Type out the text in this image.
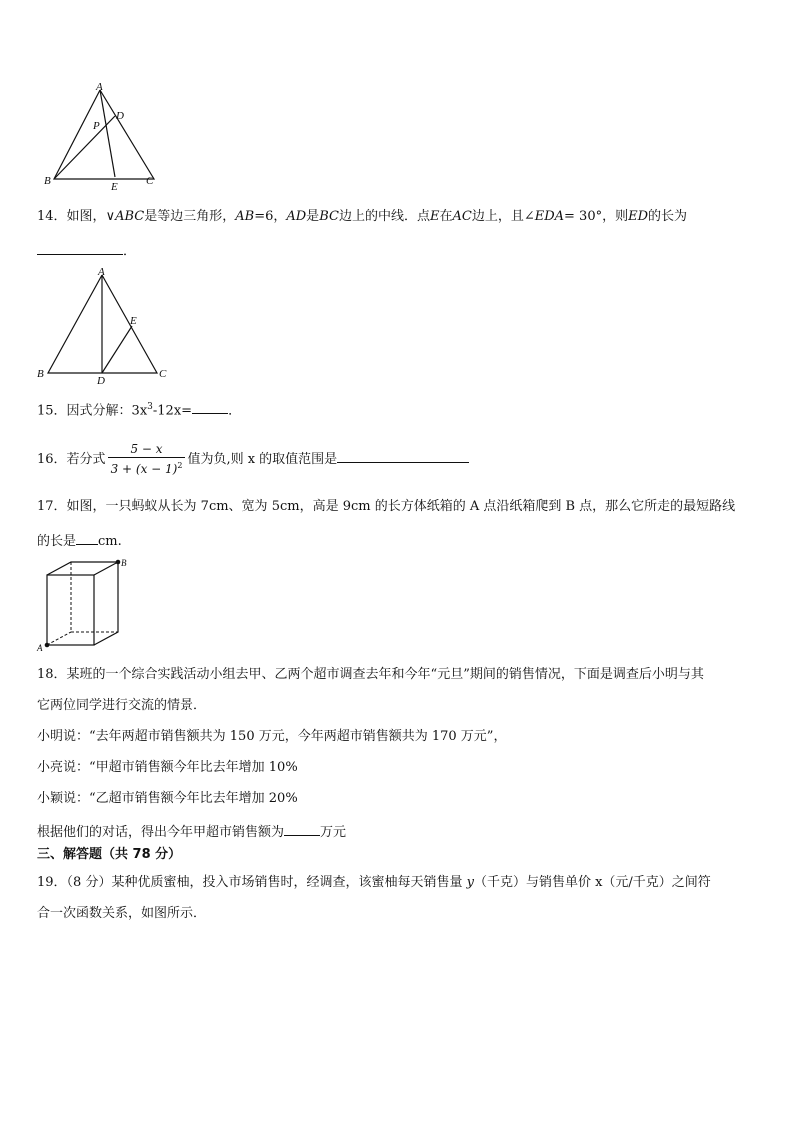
A
D
P
B	E	C
14．如图，∨ABC是等边三角形，AB=6，AD是BC边上的中线．点E在AC边上，且∠EDA= 30°，则ED的长为
．
A
E
B
D
C
15．因式分解：$3x^3-12x=$	．
16．若分式 $\frac{5 - x}{3 + (x - 1)^2}$ 值为负,则 x 的取值范围是
17．如图，一只蚂蚁从长为 7cm、宽为 5cm，高是 9cm 的长方体纸箱的 A 点沿纸箱爬到 B 点，那么它所走的最短路线
的长是 cm.
A
B
18．某班的一个综合实践活动小组去甲、乙两个超市调查去年和今年“元旦”期间的销售情况，下面是调查后小明与其
它两位同学进行交流的情景．
小明说：“去年两超市销售额共为 150 万元，今年两超市销售额共为 170 万元”，
小亮说：“甲超市销售额今年比去年增加 10%
小颖说：“乙超市销售额今年比去年增加 20%
根据他们的对话，得出今年甲超市销售额为	万元
三、解答题（共 78 分）
19．（8 分）某种优质蜜柚，投入市场销售时，经调查，该蜜柚每天销售量 y（千克）与销售单价 x（元/千克）之间符
合一次函数关系，如图所示．
